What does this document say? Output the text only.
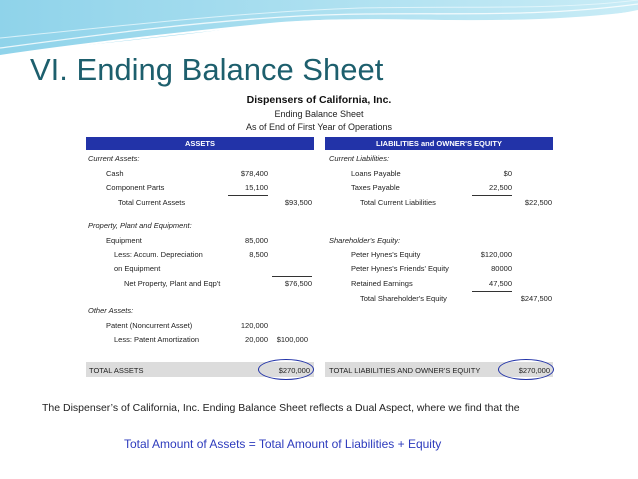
VI. Ending Balance Sheet
Dispensers of California, Inc.
Ending Balance Sheet
As of End of First Year of Operations
ASSETS	LIABILITIES and OWNER'S EQUITY
Current Assets:
Cash	$78,400
Component Parts	15,100
Total Current Assets	$93,500
Property, Plant and Equipment:
Equipment	85,000
Less: Accum. Depreciation	8,500
on Equipment
Net Property, Plant and Eqp't	$76,500
Other Assets:
Patent (Noncurrent Asset)	120,000
Less: Patent Amortization	20,000	$100,000
Current Liabilities:
Loans Payable	$0
Taxes Payable	22,500
Total Current Liabilities	$22,500
Shareholder's Equity:
Peter Hynes's Equity	$120,000
Peter Hynes's Friends' Equity	80000
Retained Earnings	47,500
Total Shareholder's Equity	$247,500
TOTAL ASSETS	$270,000	TOTAL LIABILITIES AND OWNER'S EQUITY	$270,000
The Dispenser’s of California, Inc. Ending Balance Sheet reflects a Dual Aspect, where we find that the
Total Amount of Assets = Total Amount of Liabilities + Equity
